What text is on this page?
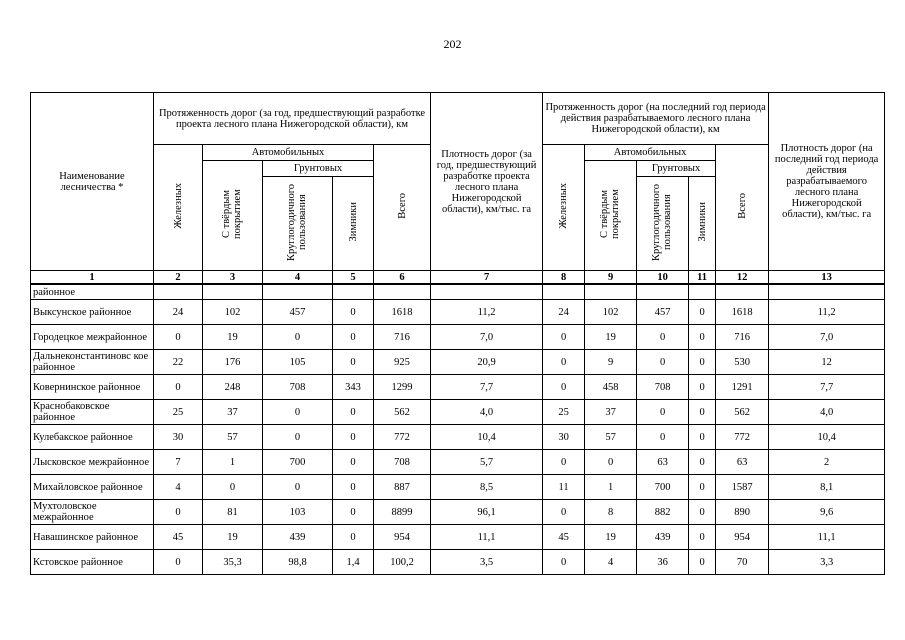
202
Наименование лесничества *	Протяженность дорог (за год, предшествующий разработке проекта лесного плана Нижегородской области), км					Плотность дорог (за год, предшествующий разработке проекта лесного плана Нижегородской области), км/тыс. га	Протяженность дорог (на последний год периода действия разрабатываемого лесного плана Нижегородской области), км					Плотность дорог (на последний год периода действия разрабатываемого лесного плана Нижегородской области), км/тыс. га
	Железных	Автомобильных			Всего		Железных	Автомобильных			Всего	
		С твёрдым покрытием	Грунтовых					С твёрдым покрытием	Грунтовых			
			Круглогодичного пользования	Зимники					Круглогодичного пользования	Зимники		
1	2	3	4	5	6	7	8	9	10	11	12	13
районное												
Выксунское районное	24	102	457	0	1618	11,2	24	102	457	0	1618	11,2
Городецкое межрайонное	0	19	0	0	716	7,0	0	19	0	0	716	7,0
Дальнеконстантиновс кое районное	22	176	105	0	925	20,9	0	9	0	0	530	12
Ковернинское районное	0	248	708	343	1299	7,7	0	458	708	0	1291	7,7
Краснобаковское районное	25	37	0	0	562	4,0	25	37	0	0	562	4,0
Кулебакское районное	30	57	0	0	772	10,4	30	57	0	0	772	10,4
Лысковское межрайонное	7	1	700	0	708	5,7	0	0	63	0	63	2
Михайловское районное	4	0	0	0	887	8,5	11	1	700	0	1587	8,1
Мухтоловское межрайонное	0	81	103	0	8899	96,1	0	8	882	0	890	9,6
Навашинское районное	45	19	439	0	954	11,1	45	19	439	0	954	11,1
Кстовское районное	0	35,3	98,8	1,4	100,2	3,5	0	4	36	0	70	3,3
